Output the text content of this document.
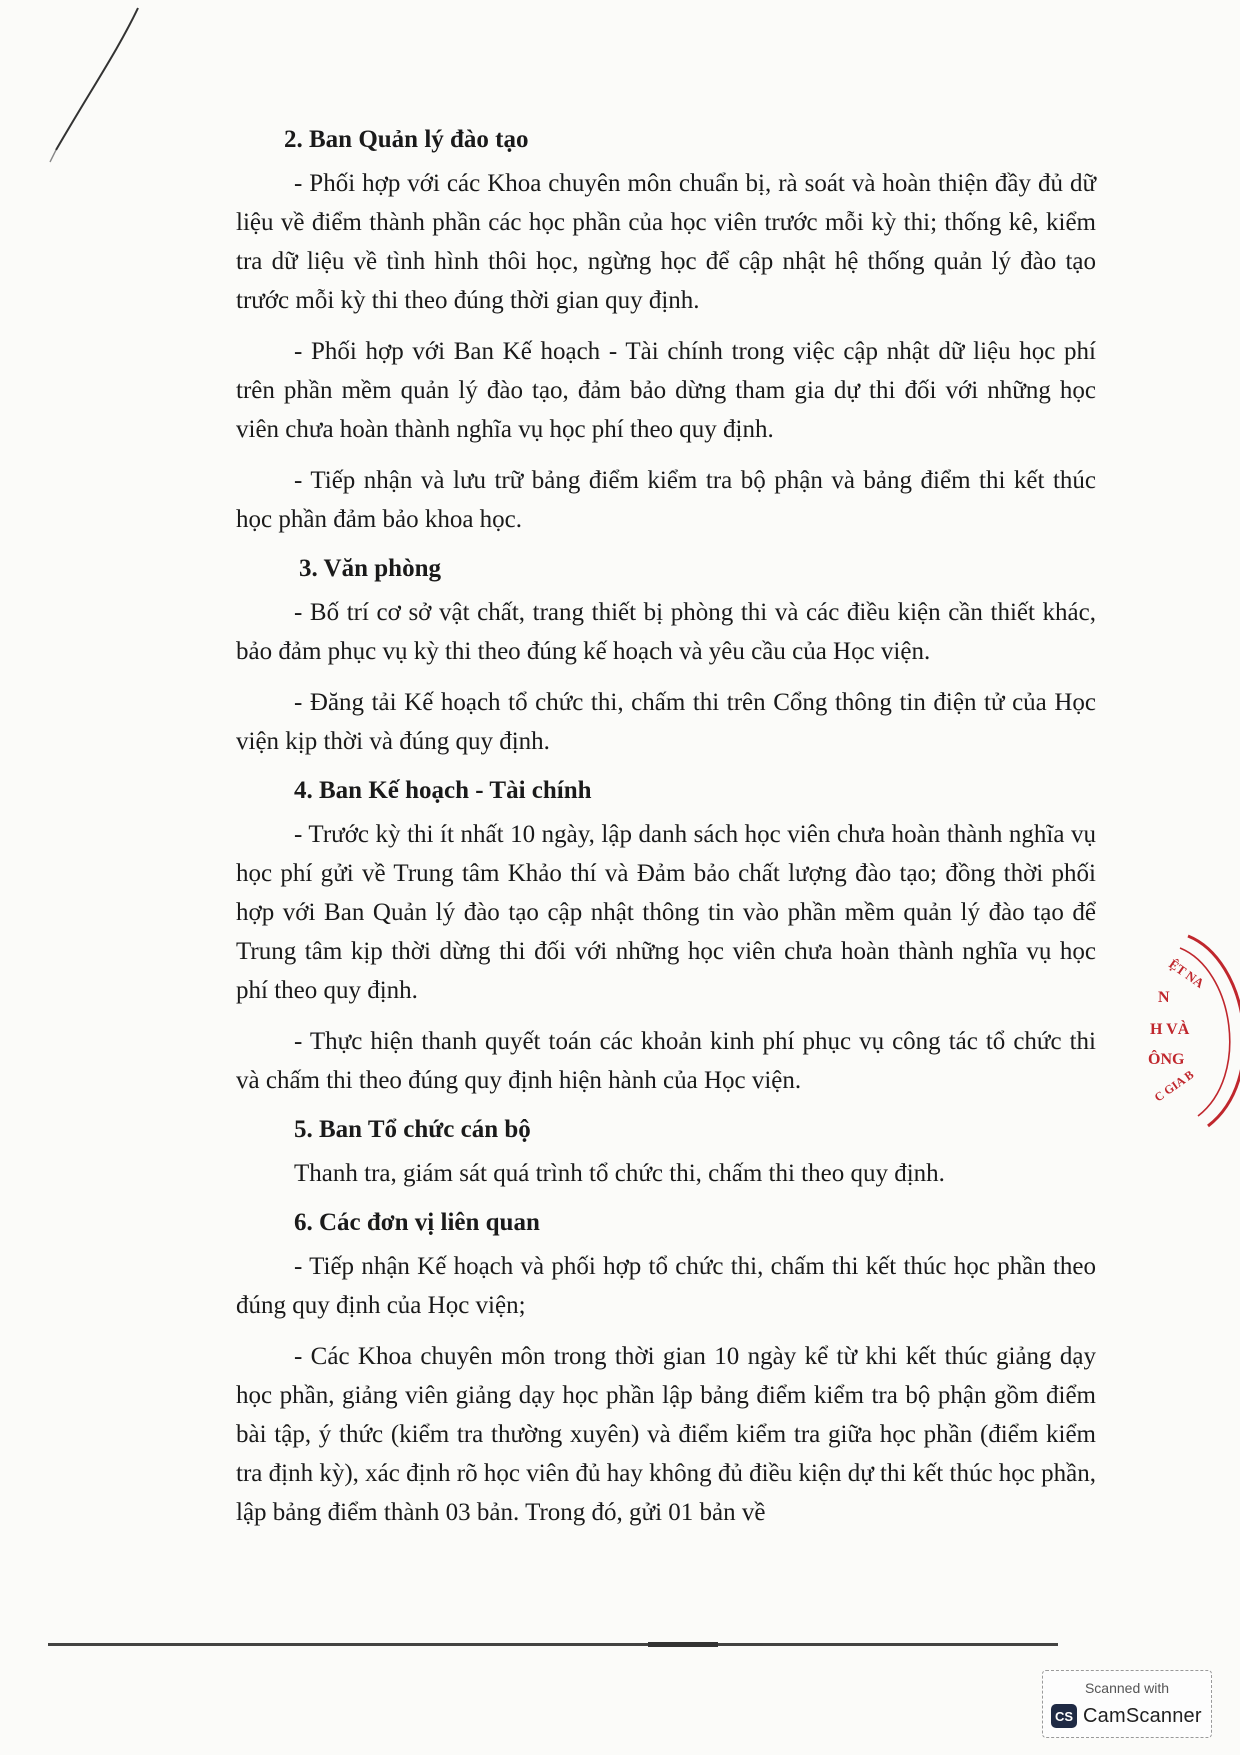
2. Ban Quản lý đào tạo

- Phối hợp với các Khoa chuyên môn chuẩn bị, rà soát và hoàn thiện đầy đủ dữ liệu về điểm thành phần các học phần của học viên trước mỗi kỳ thi; thống kê, kiểm tra dữ liệu về tình hình thôi học, ngừng học để cập nhật hệ thống quản lý đào tạo trước mỗi kỳ thi theo đúng thời gian quy định.

- Phối hợp với Ban Kế hoạch - Tài chính trong việc cập nhật dữ liệu học phí trên phần mềm quản lý đào tạo, đảm bảo dừng tham gia dự thi đối với những học viên chưa hoàn thành nghĩa vụ học phí theo quy định.

- Tiếp nhận và lưu trữ bảng điểm kiểm tra bộ phận và bảng điểm thi kết thúc học phần đảm bảo khoa học.

3. Văn phòng

- Bố trí cơ sở vật chất, trang thiết bị phòng thi và các điều kiện cần thiết khác, bảo đảm phục vụ kỳ thi theo đúng kế hoạch và yêu cầu của Học viện.

- Đăng tải Kế hoạch tổ chức thi, chấm thi trên Cổng thông tin điện tử của Học viện kịp thời và đúng quy định.

4. Ban Kế hoạch - Tài chính

- Trước kỳ thi ít nhất 10 ngày, lập danh sách học viên chưa hoàn thành nghĩa vụ học phí gửi về Trung tâm Khảo thí và Đảm bảo chất lượng đào tạo; đồng thời phối hợp với Ban Quản lý đào tạo cập nhật thông tin vào phần mềm quản lý đào tạo để Trung tâm kịp thời dừng thi đối với những học viên chưa hoàn thành nghĩa vụ học phí theo quy định.

- Thực hiện thanh quyết toán các khoản kinh phí phục vụ công tác tổ chức thi và chấm thi theo đúng quy định hiện hành của Học viện.

5. Ban Tổ chức cán bộ

Thanh tra, giám sát quá trình tổ chức thi, chấm thi theo quy định.

6. Các đơn vị liên quan

- Tiếp nhận Kế hoạch và phối hợp tổ chức thi, chấm thi kết thúc học phần theo đúng quy định của Học viện;

- Các Khoa chuyên môn trong thời gian 10 ngày kể từ khi kết thúc giảng dạy học phần, giảng viên giảng dạy học phần lập bảng điểm kiểm tra bộ phận gồm điểm bài tập, ý thức (kiểm tra thường xuyên) và điểm kiểm tra giữa học phần (điểm kiểm tra định kỳ), xác định rõ học viên đủ hay không đủ điều kiện dự thi kết thúc học phần, lập bảng điểm thành 03 bản. Trong đó, gửi 01 bản về

ỆT NA
N
H VÀ
ÔNG
C GIA B
Scanned with
CS CamScanner
